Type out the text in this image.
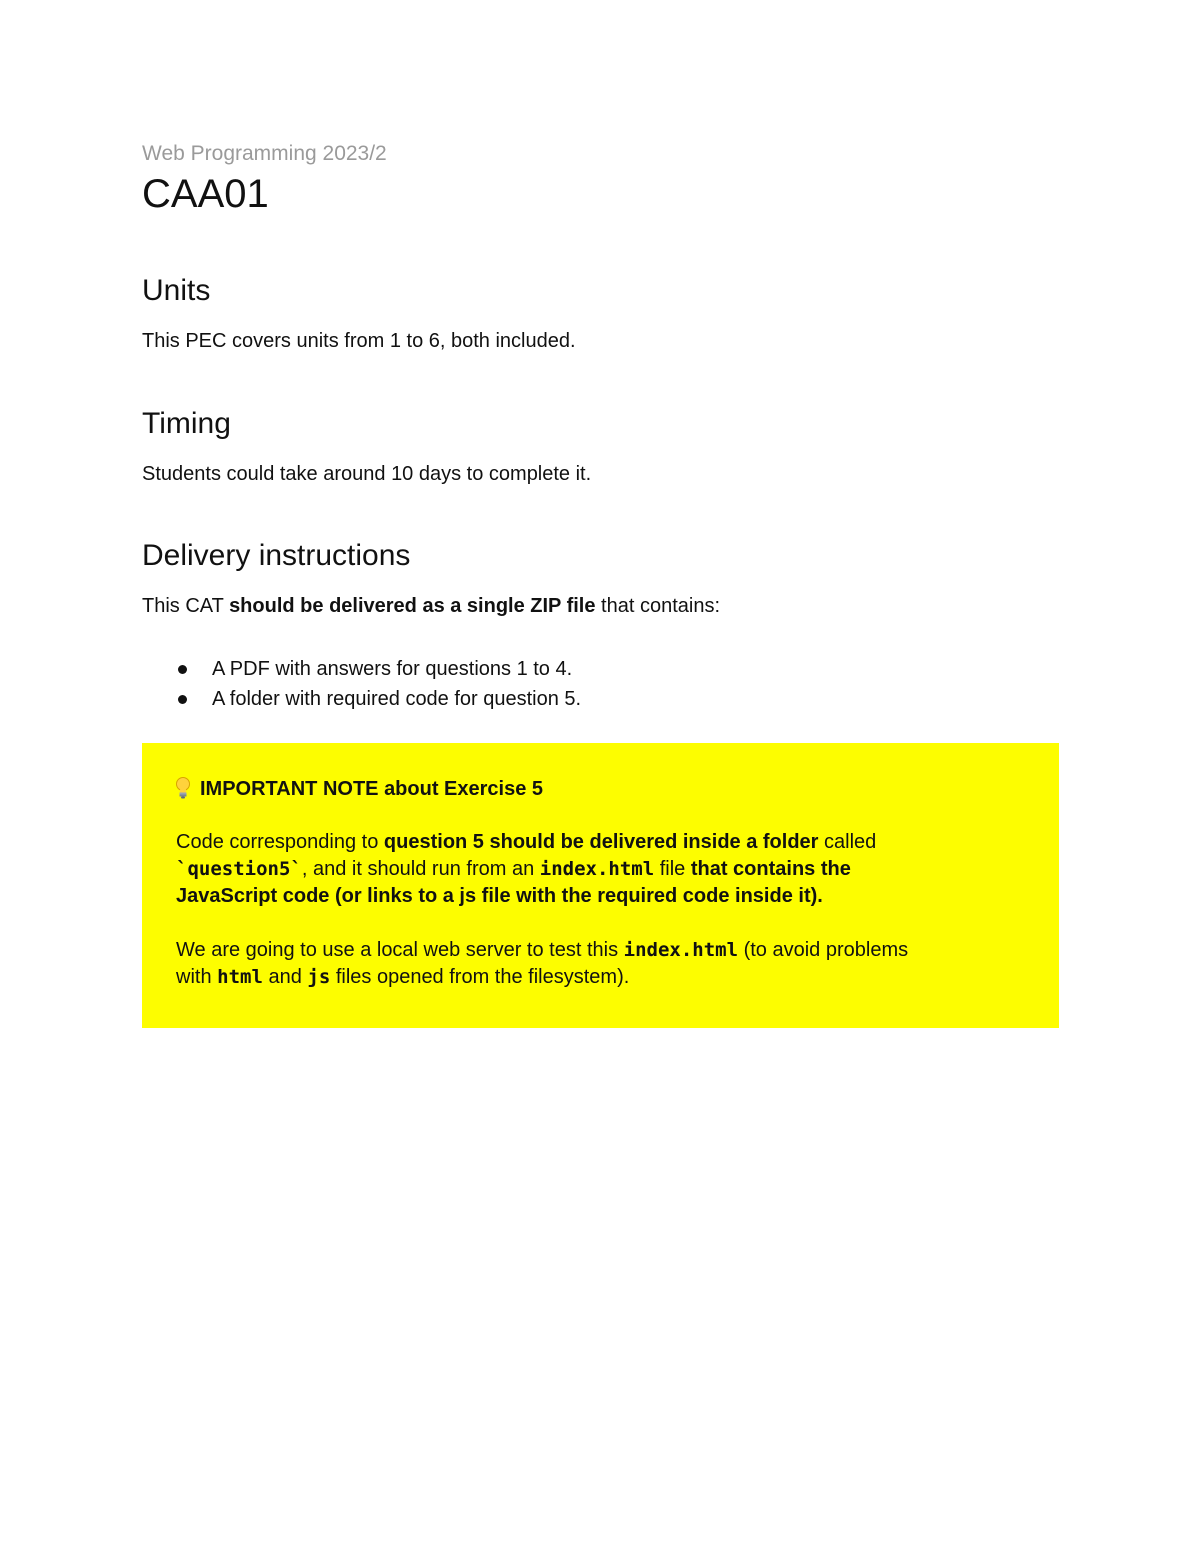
Web Programming 2023/2
CAA01
Units
This PEC covers units from 1 to 6, both included.
Timing
Students could take around 10 days to complete it.
Delivery instructions
This CAT should be delivered as a single ZIP file that contains:
A PDF with answers for questions 1 to 4.
A folder with required code for question 5.
IMPORTANT NOTE about Exercise 5
Code corresponding to question 5 should be delivered inside a folder called
`question5`, and it should run from an index.html file that contains the
JavaScript code (or links to a js file with the required code inside it).
We are going to use a local web server to test this index.html (to avoid problems
with html and js files opened from the filesystem).
